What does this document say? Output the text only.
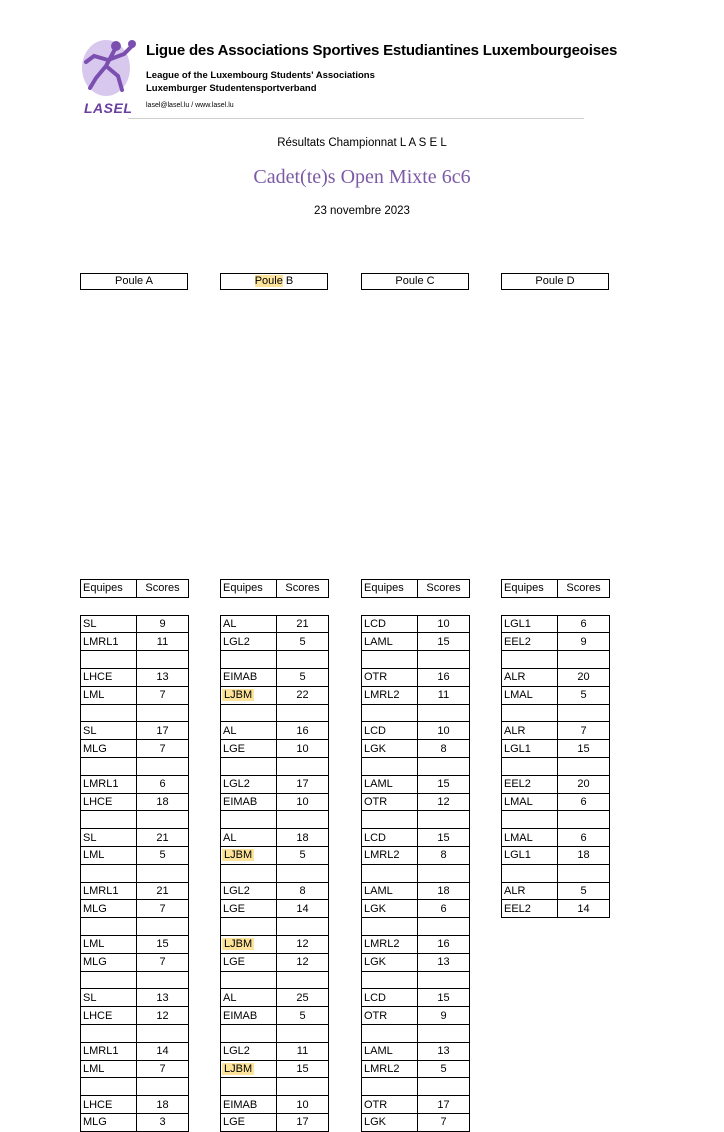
LASEL
Ligue des Associations Sportives Estudiantines Luxembourgeoises
League of the Luxembourg Students' Associations
Luxemburger Studentensportverband
lasel@lasel.lu / www.lasel.lu
Résultats Championnat L A S E L
Cadet(te)s Open Mixte 6c6
23 novembre 2023
Poule A
Equipes	Scores

SL	9
LMRL1	11

LHCE	13
LML	7

SL	17
MLG	7

LMRL1	6
LHCE	18

SL	21
LML	5

LMRL1	21
MLG	7

LML	15
MLG	7

SL	13
LHCE	12

LMRL1	14
LML	7

LHCE	18
MLG	3
Poule B
Equipes	Scores

AL	21
LGL2	5

EIMAB	5
LJBM	22

AL	16
LGE	10

LGL2	17
EIMAB	10

AL	18
LJBM	5

LGL2	8
LGE	14

LJBM	12
LGE	12

AL	25
EIMAB	5

LGL2	11
LJBM	15

EIMAB	10
LGE	17
Poule C
Equipes	Scores

LCD	10
LAML	15

OTR	16
LMRL2	11

LCD	10
LGK	8

LAML	15
OTR	12

LCD	15
LMRL2	8

LAML	18
LGK	6

LMRL2	16
LGK	13

LCD	15
OTR	9

LAML	13
LMRL2	5

OTR	17
LGK	7
Poule D
Equipes	Scores

LGL1	6
EEL2	9

ALR	20
LMAL	5

ALR	7
LGL1	15

EEL2	20
LMAL	6

LMAL	6
LGL1	18

ALR	5
EEL2	14
